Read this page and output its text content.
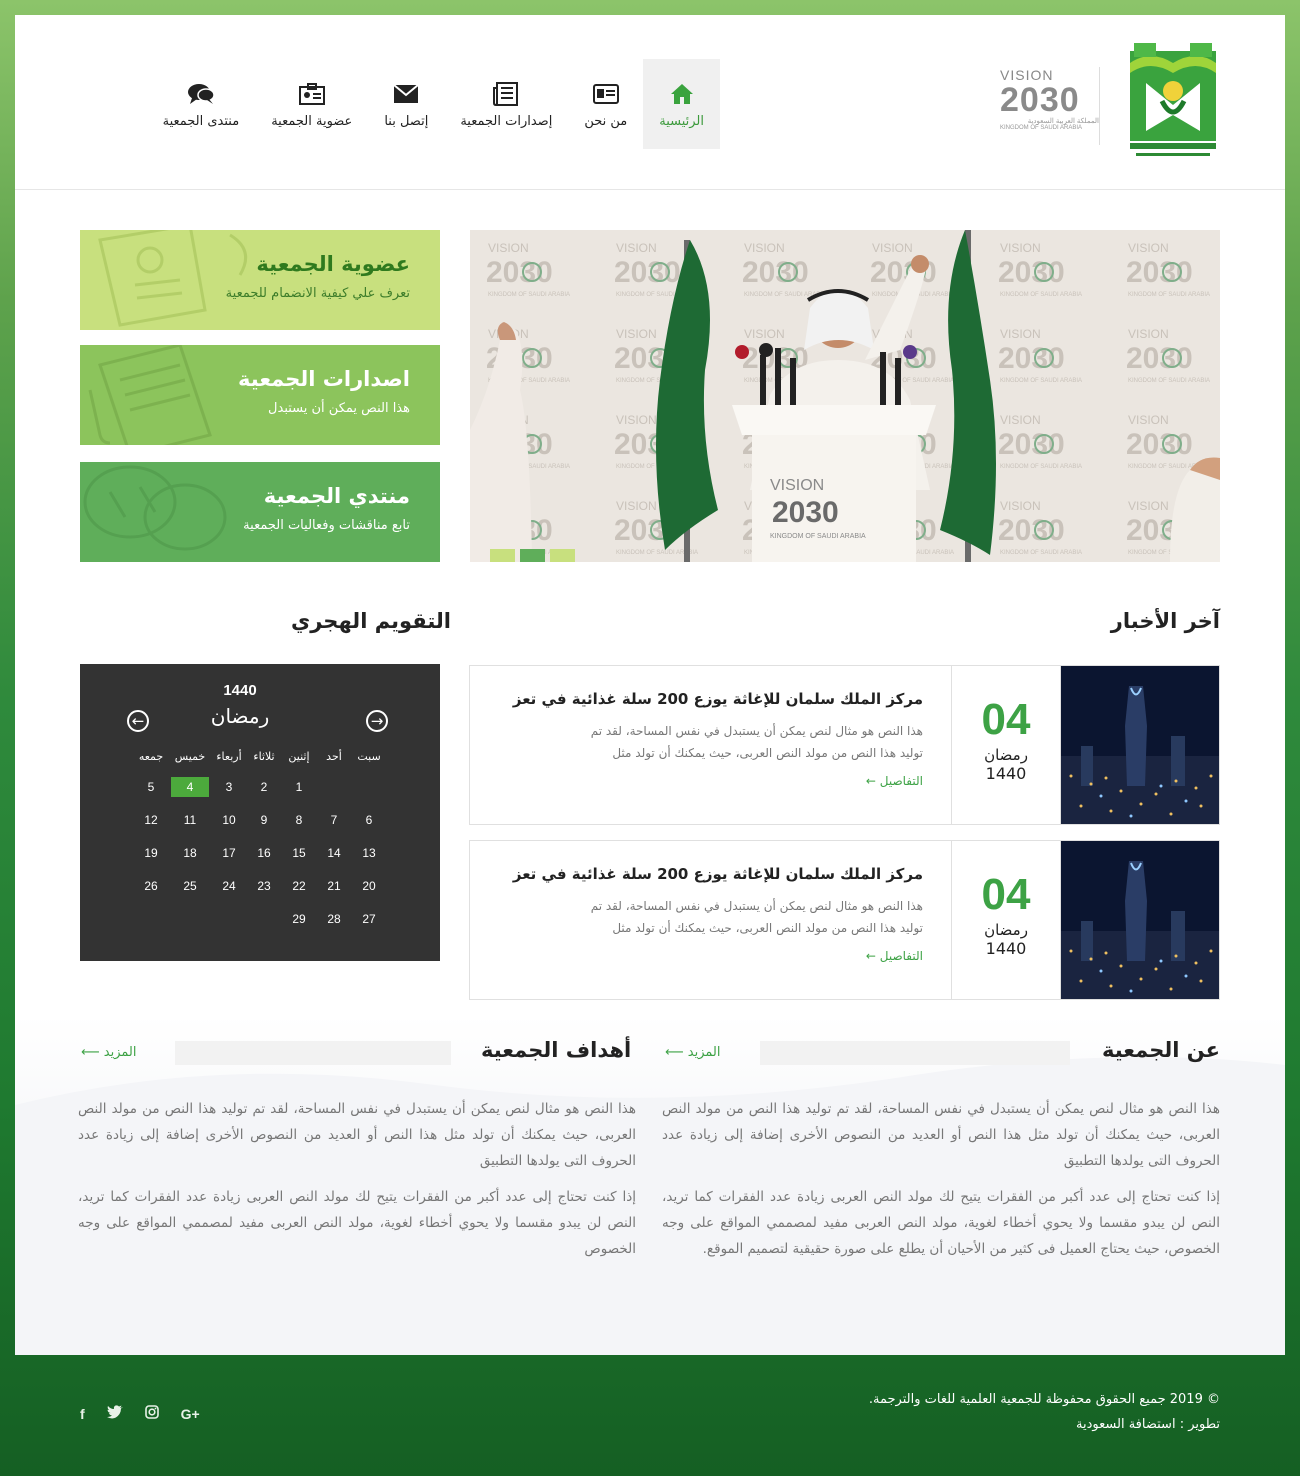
VISION
2030
المملكة العربية السعودية
KINGDOM OF SAUDI ARABIA
الرئيسية
من نحن
إصدارات الجمعية
إتصل بنا
عضوية الجمعية
منتدى الجمعية
VISION
2030
KINGDOM OF SAUDI ARABIA
عضوية الجمعية
تعرف علي كيفية الانضمام للجمعية
اصدارات الجمعية
هذا النص يمكن أن يستبدل
منتدي الجمعية
تابع مناقشات وفعاليات الجمعية
آخر الأخبار
04
رمضان
1440
مركز الملك سلمان للإغاثة يوزع 200 سلة غذائية في تعز
هذا النص هو مثال لنص يمكن أن يستبدل في نفس المساحة، لقد تم
توليد هذا النص من مولد النص العربى، حيث يمكنك أن تولد مثل
التفاصيل ←
04
رمضان
1440
مركز الملك سلمان للإغاثة يوزع 200 سلة غذائية في تعز
هذا النص هو مثال لنص يمكن أن يستبدل في نفس المساحة، لقد تم
توليد هذا النص من مولد النص العربى، حيث يمكنك أن تولد مثل
التفاصيل ←
التقويم الهجري
1440
رمضان
←	→
سبت
أحد
إثنين
ثلاثاء
أربعاء
خميس
جمعه
1
2
3
4
5
6
7
8
9
10
11
12
13
14
15
16
17
18
19
20
21
22
23
24
25
26
27
28
29
عن الجمعية
⟵ المزيد
هذا النص هو مثال لنص يمكن أن يستبدل في نفس المساحة، لقد تم توليد هذا النص من مولد النص العربى، حيث يمكنك أن تولد مثل هذا النص أو العديد من النصوص الأخرى إضافة إلى زيادة عدد الحروف التى يولدها التطبيق
إذا كنت تحتاج إلى عدد أكبر من الفقرات يتيح لك مولد النص العربى زيادة عدد الفقرات كما تريد، النص لن يبدو مقسما ولا يحوي أخطاء لغوية، مولد النص العربى مفيد لمصممي المواقع على وجه الخصوص، حيث يحتاج العميل فى كثير من الأحيان أن يطلع على صورة حقيقية لتصميم الموقع.
أهداف الجمعية
⟵ المزيد
هذا النص هو مثال لنص يمكن أن يستبدل في نفس المساحة، لقد تم توليد هذا النص من مولد النص العربى، حيث يمكنك أن تولد مثل هذا النص أو العديد من النصوص الأخرى إضافة إلى زيادة عدد الحروف التى يولدها التطبيق
إذا كنت تحتاج إلى عدد أكبر من الفقرات يتيح لك مولد النص العربى زيادة عدد الفقرات كما تريد، النص لن يبدو مقسما ولا يحوي أخطاء لغوية، مولد النص العربى مفيد لمصممي المواقع على وجه الخصوص
© 2019 جميع الحقوق محفوظة للجمعية العلمية للغات والترجمة.
تطوير : استضافة السعودية
f	G+
